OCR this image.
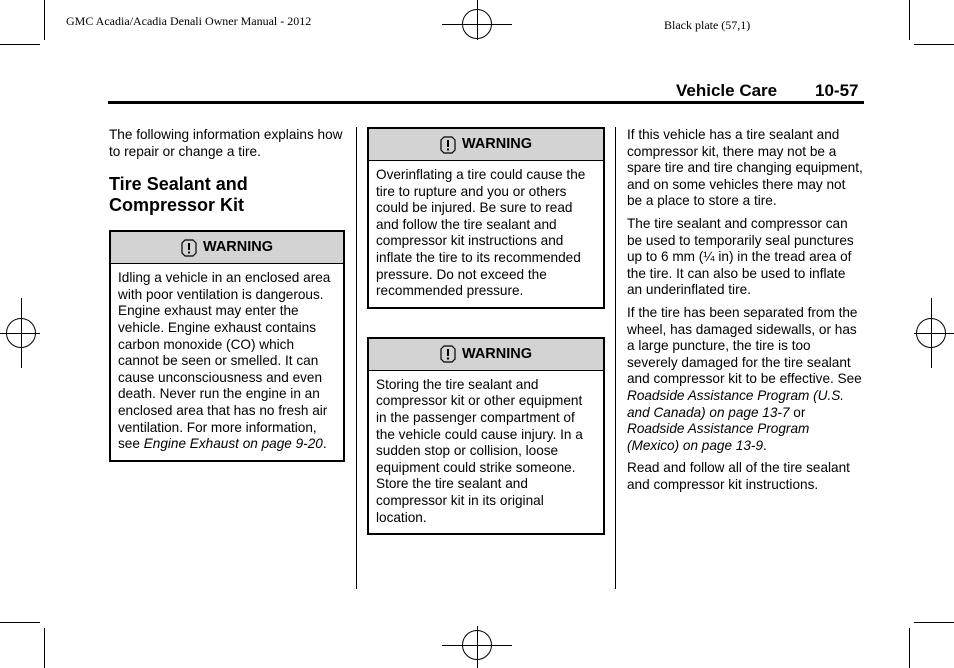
GMC Acadia/Acadia Denali Owner Manual - 2012	Black plate (57,1)
Vehicle Care 10-57

The following information explains how to repair or change a tire.

Tire Sealant and Compressor Kit
WARNING
Idling a vehicle in an enclosed area with poor ventilation is dangerous. Engine exhaust may enter the vehicle. Engine exhaust contains carbon monoxide (CO) which cannot be seen or smelled. It can cause unconsciousness and even death. Never run the engine in an enclosed area that has no fresh air ventilation. For more information, see Engine Exhaust on page 9-20.
WARNING
Overinflating a tire could cause the tire to rupture and you or others could be injured. Be sure to read and follow the tire sealant and compressor kit instructions and inflate the tire to its recommended pressure. Do not exceed the recommended pressure.
WARNING
Storing the tire sealant and compressor kit or other equipment in the passenger compartment of the vehicle could cause injury. In a sudden stop or collision, loose equipment could strike someone. Store the tire sealant and compressor kit in its original location.

If this vehicle has a tire sealant and compressor kit, there may not be a spare tire and tire changing equipment, and on some vehicles there may not be a place to store a tire.

The tire sealant and compressor can be used to temporarily seal punctures up to 6 mm (¼ in) in the tread area of the tire. It can also be used to inflate an underinflated tire.

If the tire has been separated from the wheel, has damaged sidewalls, or has a large puncture, the tire is too severely damaged for the tire sealant and compressor kit to be effective. See Roadside Assistance Program (U.S. and Canada) on page 13-7 or Roadside Assistance Program (Mexico) on page 13-9.

Read and follow all of the tire sealant and compressor kit instructions.
